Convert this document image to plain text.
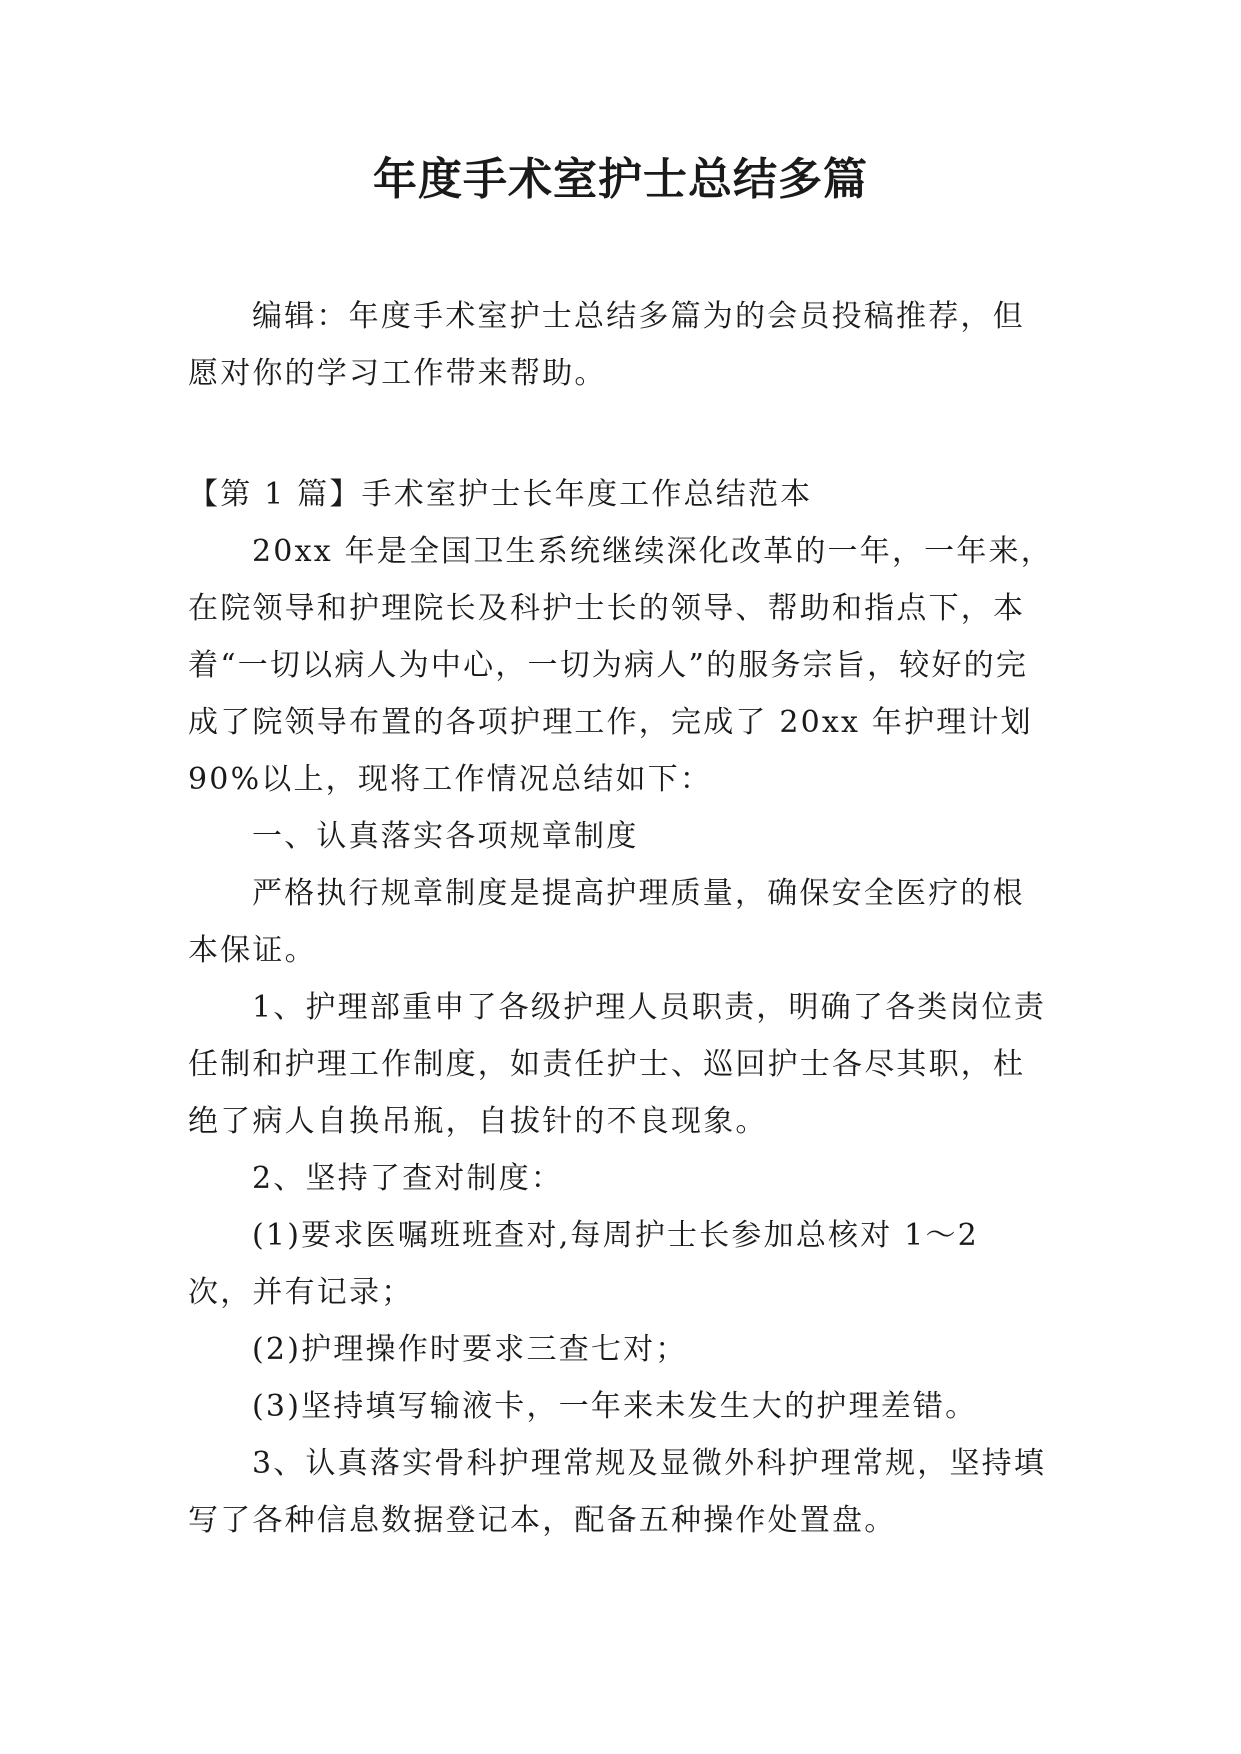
年度手术室护士总结多篇

编辑：年度手术室护士总结多篇为的会员投稿推荐，但愿对你的学习工作带来帮助。

【第 1 篇】手术室护士长年度工作总结范本

20xx 年是全国卫生系统继续深化改革的一年，一年来，在院领导和护理院长及科护士长的领导、帮助和指点下，本着“一切以病人为中心，一切为病人”的服务宗旨，较好的完成了院领导布置的各项护理工作，完成了 20xx 年护理计划 90%以上，现将工作情况总结如下：

一、认真落实各项规章制度

严格执行规章制度是提高护理质量，确保安全医疗的根本保证。

1、护理部重申了各级护理人员职责，明确了各类岗位责任制和护理工作制度，如责任护士、巡回护士各尽其职，杜绝了病人自换吊瓶，自拔针的不良现象。

2、坚持了查对制度：

(1)要求医嘱班班查对,每周护士长参加总核对 1～2 次，并有记录；

(2)护理操作时要求三查七对；

(3)坚持填写输液卡，一年来未发生大的护理差错。

3、认真落实骨科护理常规及显微外科护理常规，坚持填写了各种信息数据登记本，配备五种操作处置盘。
